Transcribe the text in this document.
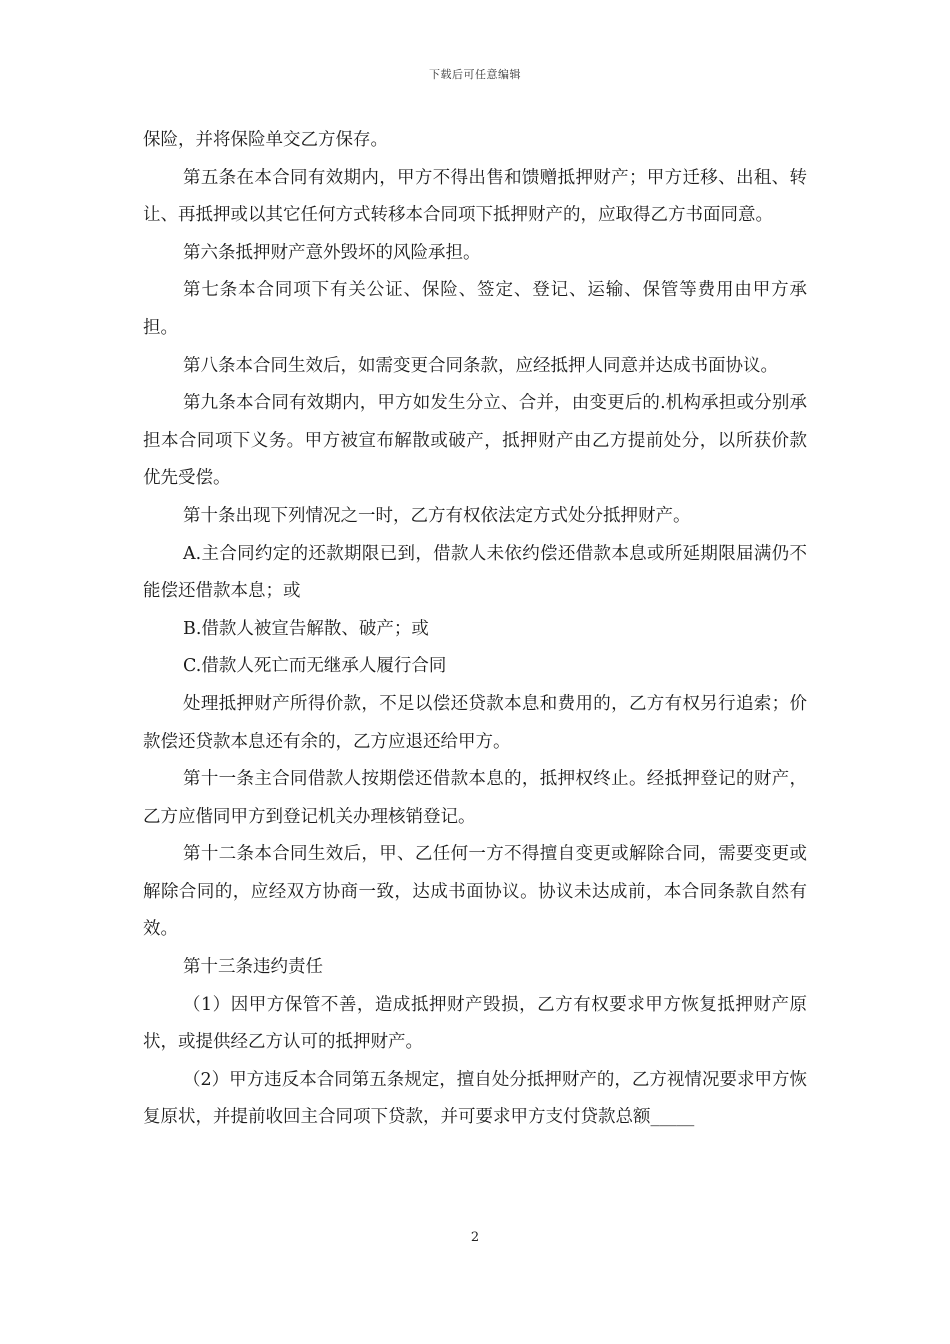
下载后可任意编辑

保险，并将保险单交乙方保存。

第五条在本合同有效期内，甲方不得出售和馈赠抵押财产；甲方迁移、出租、转让、再抵押或以其它任何方式转移本合同项下抵押财产的，应取得乙方书面同意。

第六条抵押财产意外毁坏的风险承担。

第七条本合同项下有关公证、保险、签定、登记、运输、保管等费用由甲方承担。

第八条本合同生效后，如需变更合同条款，应经抵押人同意并达成书面协议。

第九条本合同有效期内，甲方如发生分立、合并，由变更后的.机构承担或分别承担本合同项下义务。甲方被宣布解散或破产，抵押财产由乙方提前处分，以所获价款优先受偿。

第十条出现下列情况之一时，乙方有权依法定方式处分抵押财产。

A.主合同约定的还款期限已到，借款人未依约偿还借款本息或所延期限届满仍不能偿还借款本息；或

B.借款人被宣告解散、破产；或

C.借款人死亡而无继承人履行合同

处理抵押财产所得价款，不足以偿还贷款本息和费用的，乙方有权另行追索；价款偿还贷款本息还有余的，乙方应退还给甲方。

第十一条主合同借款人按期偿还借款本息的，抵押权终止。经抵押登记的财产，乙方应偕同甲方到登记机关办理核销登记。

第十二条本合同生效后，甲、乙任何一方不得擅自变更或解除合同，需要变更或解除合同的，应经双方协商一致，达成书面协议。协议未达成前，本合同条款自然有效。

第十三条违约责任

（1）因甲方保管不善，造成抵押财产毁损，乙方有权要求甲方恢复抵押财产原状，或提供经乙方认可的抵押财产。

（2）甲方违反本合同第五条规定，擅自处分抵押财产的，乙方视情况要求甲方恢复原状，并提前收回主合同项下贷款，并可要求甲方支付贷款总额_____

2
